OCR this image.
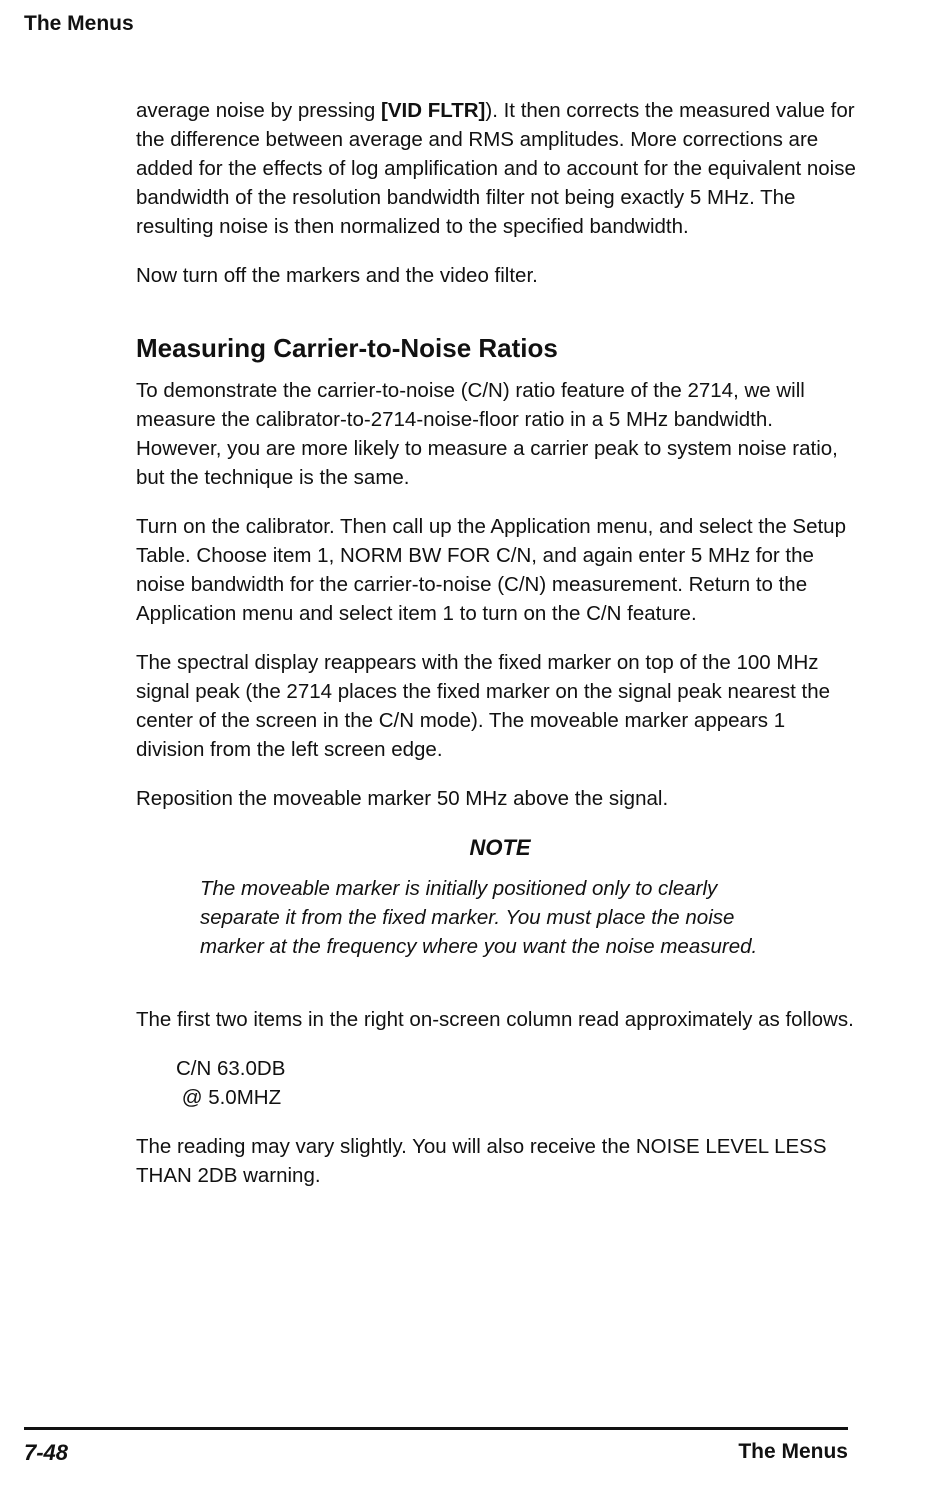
The Menus

average noise by pressing [VID FLTR]). It then corrects the measured value for the difference between average and RMS amplitudes. More corrections are added for the effects of log amplification and to account for the equivalent noise bandwidth of the resolution bandwidth filter not being exactly 5 MHz. The resulting noise is then normalized to the specified bandwidth.

Now turn off the markers and the video filter.

Measuring Carrier-to-Noise Ratios

To demonstrate the carrier-to-noise (C/N) ratio feature of the 2714, we will measure the calibrator-to-2714-noise-floor ratio in a 5 MHz bandwidth. However, you are more likely to measure a carrier peak to system noise ratio, but the technique is the same.

Turn on the calibrator. Then call up the Application menu, and select the Setup Table. Choose item 1, NORM BW FOR C/N, and again enter 5 MHz for the noise bandwidth for the carrier-to-noise (C/N) measurement. Return to the Application menu and select item 1 to turn on the C/N feature.

The spectral display reappears with the fixed marker on top of the 100 MHz signal peak (the 2714 places the fixed marker on the signal peak nearest the center of the screen in the C/N mode). The moveable marker appears 1 division from the left screen edge.

Reposition the moveable marker 50 MHz above the signal.

NOTE
The moveable marker is initially positioned only to clearly separate it from the fixed marker. You must place the noise marker at the frequency where you want the noise measured.

The first two items in the right on-screen column read approximately as follows.

C/N 63.0DB
@ 5.0MHZ

The reading may vary slightly. You will also receive the NOISE LEVEL LESS THAN 2DB warning.

7-48	The Menus
